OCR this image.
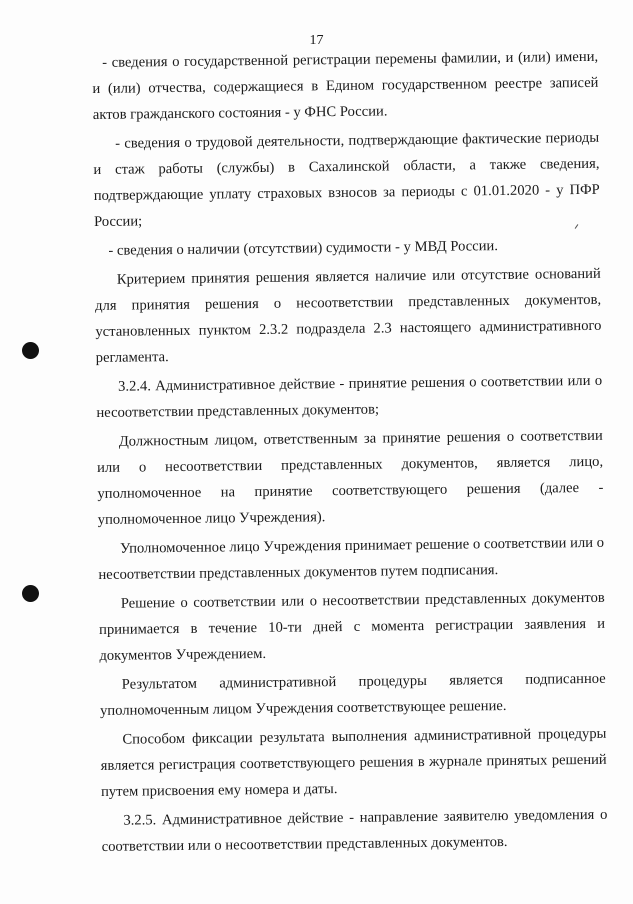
17

- сведения о государственной регистрации перемены фамилии, и (или) имени, и (или) отчества, содержащиеся в Едином государственном реестре записей актов гражданского состояния - у ФНС России.

- сведения о трудовой деятельности, подтверждающие фактические периоды и стаж работы (службы) в Сахалинской области, а также сведения, подтверждающие уплату страховых взносов за периоды с 01.01.2020 - у ПФР России;

- сведения о наличии (отсутствии) судимости - у МВД России.

Критерием принятия решения является наличие или отсутствие оснований для принятия решения о несоответствии представленных документов, установленных пунктом 2.3.2 подраздела 2.3 настоящего административного регламента.

3.2.4. Административное действие - принятие решения о соответствии или о несоответствии представленных документов;

Должностным лицом, ответственным за принятие решения о соответствии или о несоответствии представленных документов, является лицо, уполномоченное на принятие соответствующего решения (далее - уполномоченное лицо Учреждения).

Уполномоченное лицо Учреждения принимает решение о соответствии или о несоответствии представленных документов путем подписания.

Решение о соответствии или о несоответствии представленных документов принимается в течение 10-ти дней с момента регистрации заявления и документов Учреждением.

Результатом административной процедуры является подписанное уполномоченным лицом Учреждения соответствующее решение.

Способом фиксации результата выполнения административной процедуры является регистрация соответствующего решения в журнале принятых решений путем присвоения ему номера и даты.

3.2.5. Административное действие - направление заявителю уведомления о соответствии или о несоответствии представленных документов.
